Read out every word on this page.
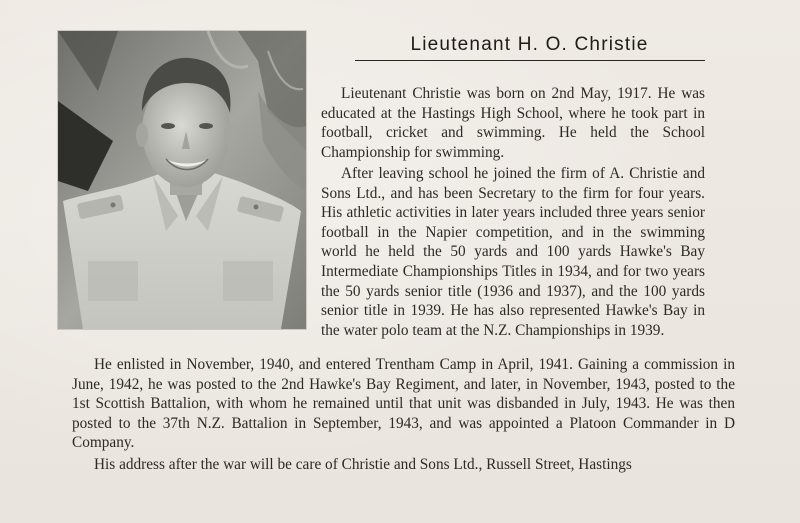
Lieutenant H. O. Christie

Lieutenant Christie was born on 2nd May, 1917. He was educated at the Hastings High School, where he took part in football, cricket and swimming. He held the School Championship for swimming.

After leaving school he joined the firm of A. Christie and Sons Ltd., and has been Secretary to the firm for four years. His athletic activities in later years included three years senior football in the Napier competition, and in the swimming world he held the 50 yards and 100 yards Hawke's Bay Intermediate Championships Titles in 1934, and for two years the 50 yards senior title (1936 and 1937), and the 100 yards senior title in 1939. He has also represented Hawke's Bay in the water polo team at the N.Z. Championships in 1939.

He enlisted in November, 1940, and entered Trentham Camp in April, 1941. Gaining a commission in June, 1942, he was posted to the 2nd Hawke's Bay Regiment, and later, in November, 1943, posted to the 1st Scottish Battalion, with whom he remained until that unit was disbanded in July, 1943. He was then posted to the 37th N.Z. Battalion in September, 1943, and was appointed a Platoon Commander in D Company.

His address after the war will be care of Christie and Sons Ltd., Russell Street, Hastings
